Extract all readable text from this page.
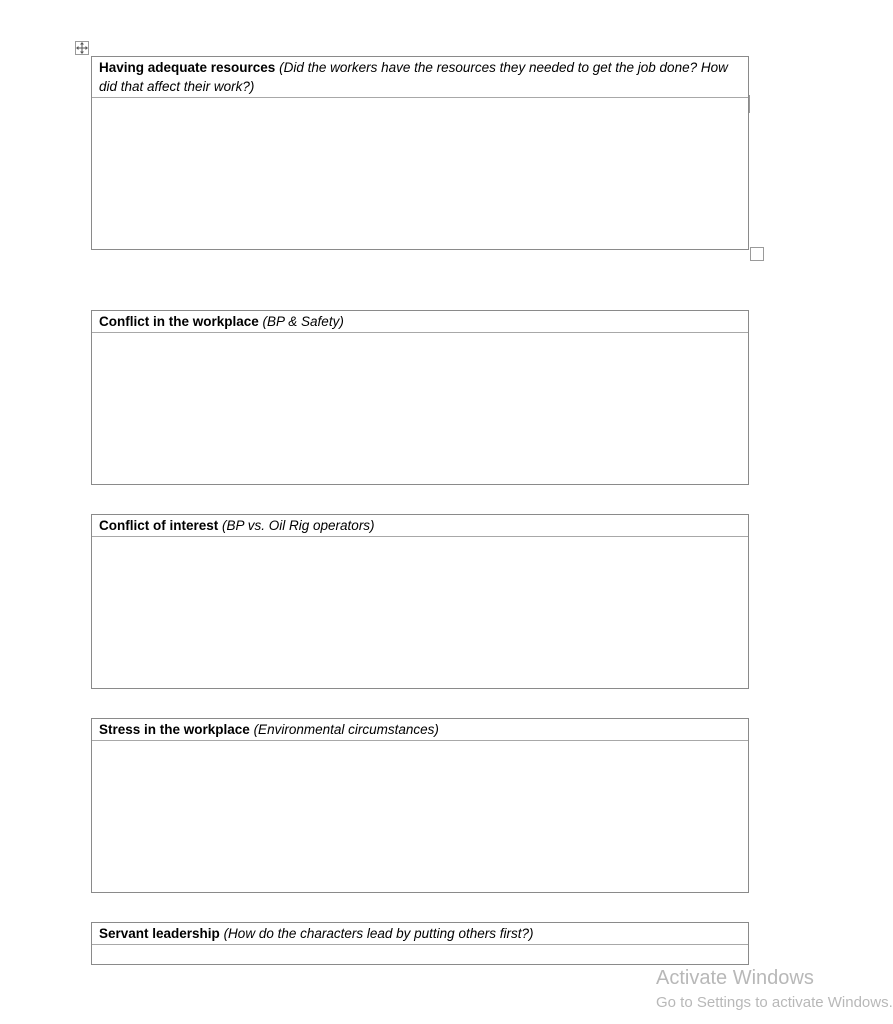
Having adequate resources (Did the workers have the resources they needed to get the job done? How did that affect their work?)
Conflict in the workplace (BP & Safety)
Conflict of interest (BP vs. Oil Rig operators)
Stress in the workplace (Environmental circumstances)
Servant leadership (How do the characters lead by putting others first?)
Activate Windows
Go to Settings to activate Windows.
